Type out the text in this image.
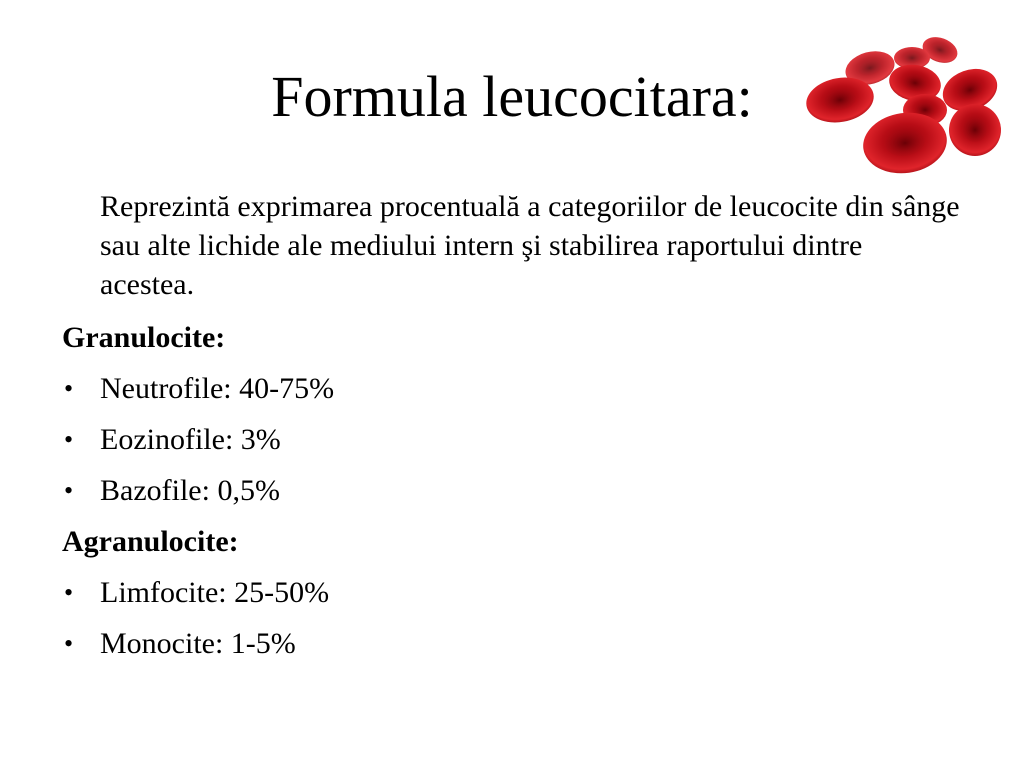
Formula leucocitara:

Reprezintă exprimarea procentuală a categoriilor de leucocite din sânge sau alte lichide ale mediului intern şi stabilirea raportului dintre acestea.

Granulocite:
• Neutrofile: 40-75%
• Eozinofile: 3%
• Bazofile: 0,5%
Agranulocite:
• Limfocite: 25-50%
• Monocite: 1-5%
